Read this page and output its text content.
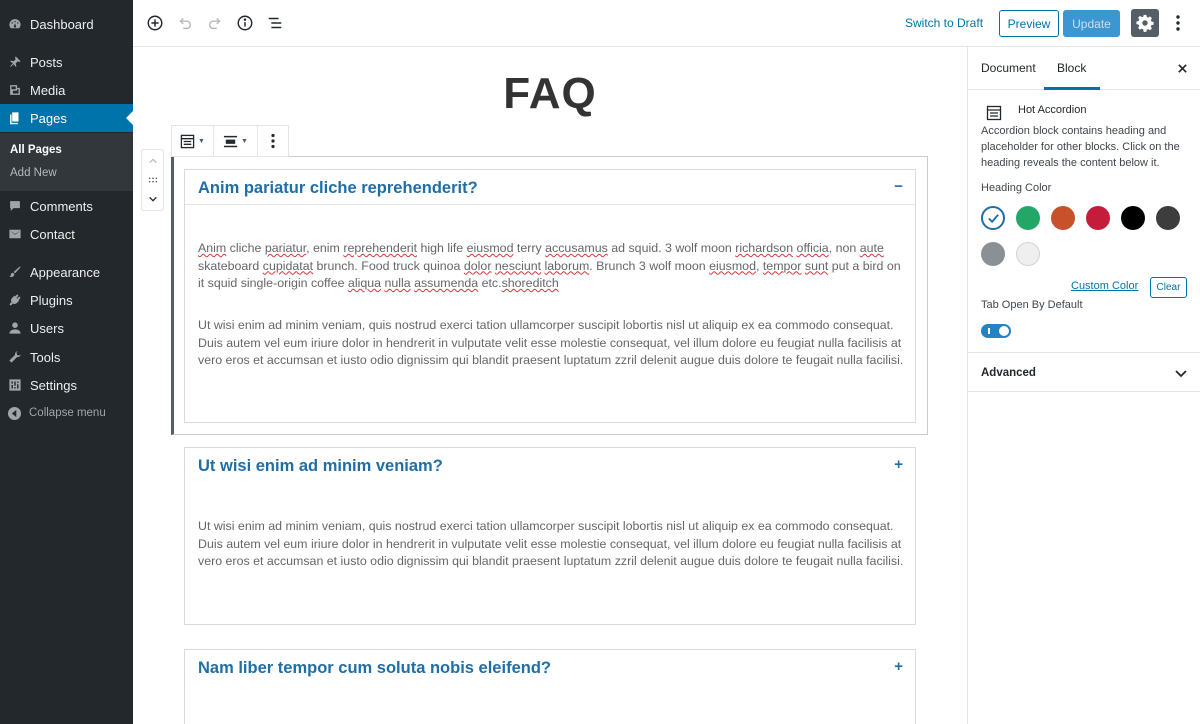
Dashboard
Posts
Media
Pages
All Pages
Add New
Comments
Contact
Appearance
Plugins
Users
Tools
Settings
Collapse menu
Switch to Draft	Preview	Update
FAQ
▼	▼
Anim pariatur cliche reprehenderit?	−
Anim cliche pariatur, enim reprehenderit high life eiusmod terry accusamus ad squid. 3 wolf moon richardson officia, non aute skateboard cupidatat brunch. Food truck quinoa dolor nesciunt laborum. Brunch 3 wolf moon eiusmod, tempor sunt put a bird on it squid single-origin coffee aliqua nulla assumenda etc.shoreditch
Ut wisi enim ad minim veniam, quis nostrud exerci tation ullamcorper suscipit lobortis nisl ut aliquip ex ea commodo consequat. Duis autem vel eum iriure dolor in hendrerit in vulputate velit esse molestie consequat, vel illum dolore eu feugiat nulla facilisis at vero eros et accumsan et iusto odio dignissim qui blandit praesent luptatum zzril delenit augue duis dolore te feugait nulla facilisi.
Ut wisi enim ad minim veniam?	+
Ut wisi enim ad minim veniam, quis nostrud exerci tation ullamcorper suscipit lobortis nisl ut aliquip ex ea commodo consequat. Duis autem vel eum iriure dolor in hendrerit in vulputate velit esse molestie consequat, vel illum dolore eu feugiat nulla facilisis at vero eros et accumsan et iusto odio dignissim qui blandit praesent luptatum zzril delenit augue duis dolore te feugait nulla facilisi.
Nam liber tempor cum soluta nobis eleifend?	+
Document Block
Hot Accordion
Accordion block contains heading and placeholder for other blocks. Click on the heading reveals the content below it.
Heading Color
Custom Color	Clear
Tab Open By Default
Advanced
